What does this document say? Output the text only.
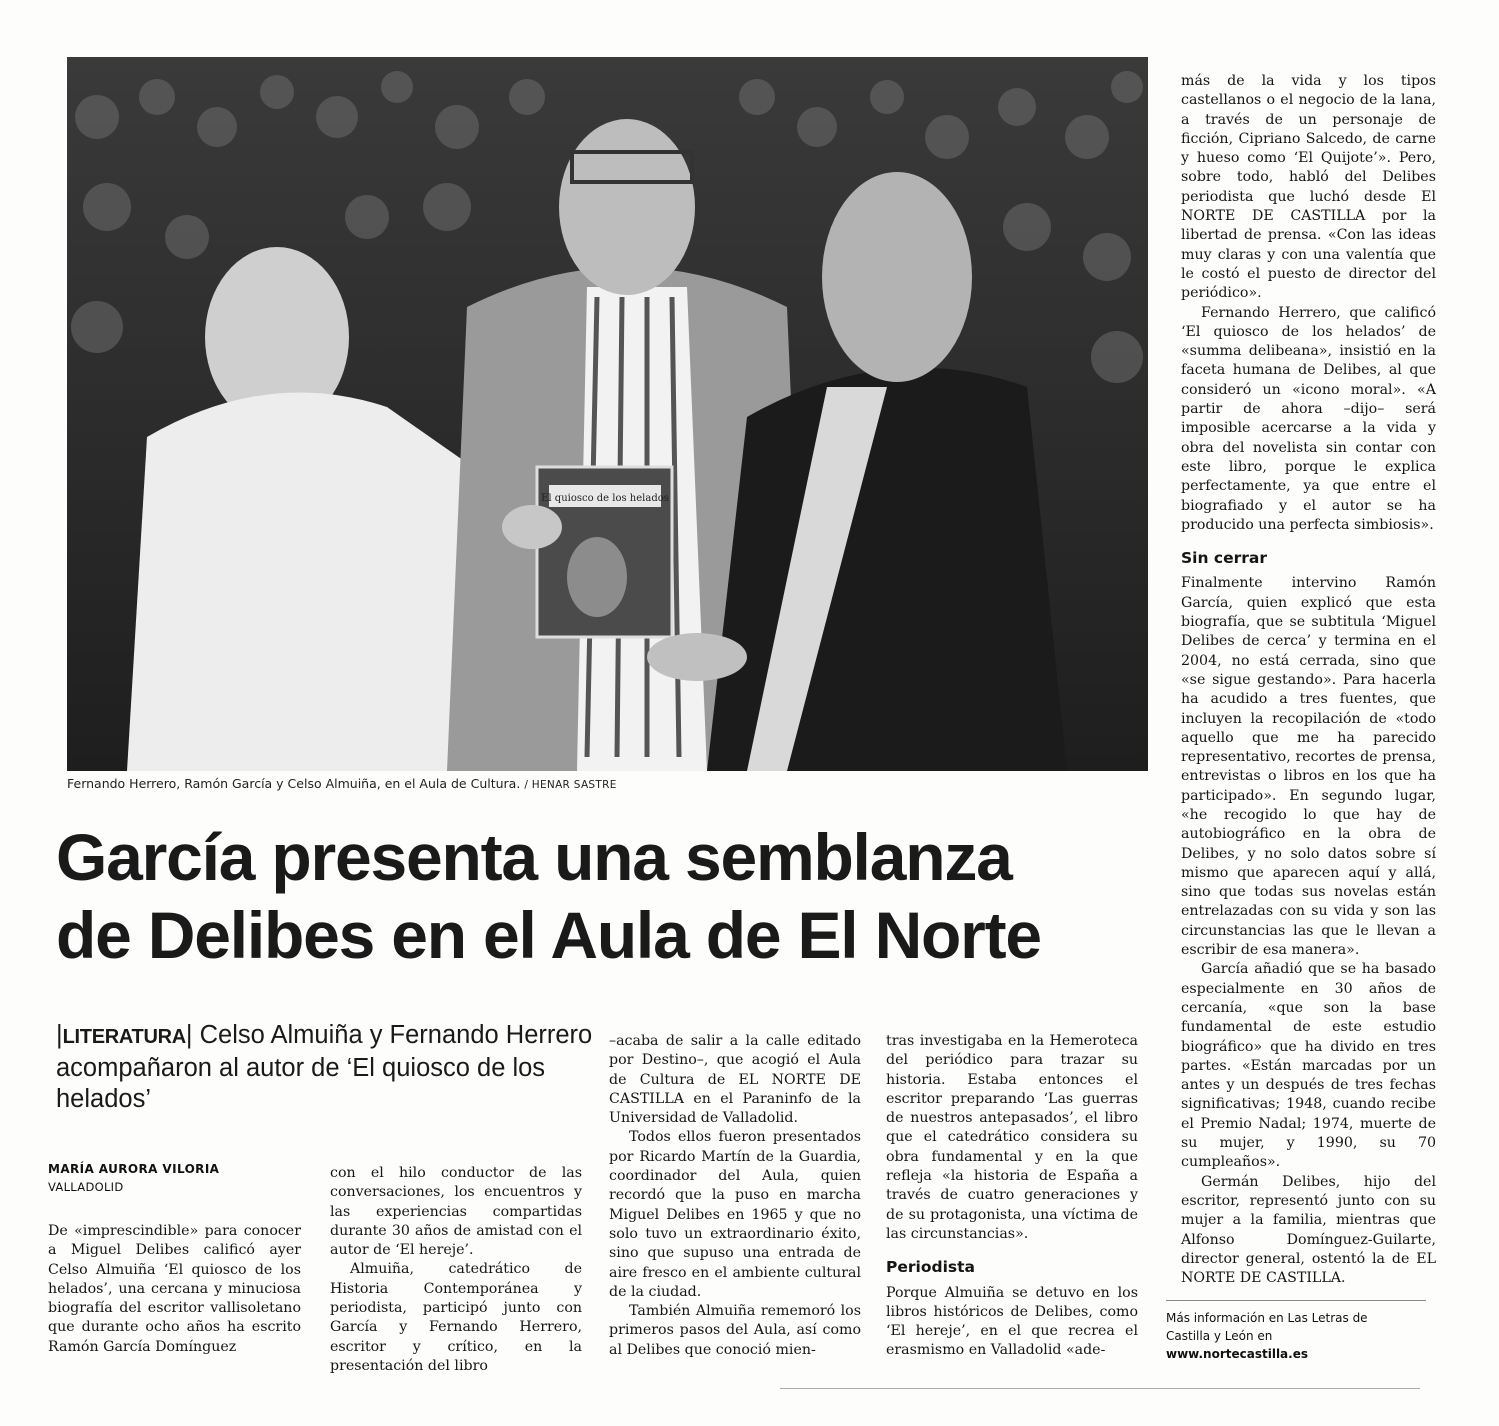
El quiosco de los helados
Fernando Herrero, Ramón García y Celso Almuiña, en el Aula de Cultura. / HENAR SASTRE
García presenta una semblanza
de Delibes en el Aula de El Norte
|LITERATURA| Celso Almuiña y Fernando Herrero acompañaron al autor de ‘El quiosco de los helados’
MARÍA AURORA VILORIA
VALLADOLID

De «imprescindible» para conocer a Miguel Delibes calificó ayer Celso Almuiña ‘El quiosco de los helados’, una cercana y minuciosa biografía del escritor vallisoletano que durante ocho años ha escrito Ramón García Domínguez

con el hilo conductor de las conversaciones, los encuentros y las experiencias compartidas durante 30 años de amistad con el autor de ‘El hereje’.

Almuiña, catedrático de Historia Contemporánea y periodista, participó junto con García y Fernando Herrero, escritor y crítico, en la presentación del libro

–acaba de salir a la calle editado por Destino–, que acogió el Aula de Cultura de EL NORTE DE CASTILLA en el Paraninfo de la Universidad de Valladolid.

Todos ellos fueron presentados por Ricardo Martín de la Guardia, coordinador del Aula, quien recordó que la puso en marcha Miguel Delibes en 1965 y que no solo tuvo un extraordinario éxito, sino que supuso una entrada de aire fresco en el ambiente cultural de la ciudad.

También Almuiña rememoró los primeros pasos del Aula, así como al Delibes que conoció mien-

tras investigaba en la Hemeroteca del periódico para trazar su historia. Estaba entonces el escritor preparando ‘Las guerras de nuestros antepasados’, el libro que el catedrático considera su obra fundamental y en la que refleja «la historia de España a través de cuatro generaciones y de su protagonista, una víctima de las circunstancias».

Periodista

Porque Almuiña se detuvo en los libros históricos de Delibes, como ‘El hereje’, en el que recrea el erasmismo en Valladolid «ade-

más de la vida y los tipos castellanos o el negocio de la lana, a través de un personaje de ficción, Cipriano Salcedo, de carne y hueso como ‘El Quijote’». Pero, sobre todo, habló del Delibes periodista que luchó desde El NORTE DE CASTILLA por la libertad de prensa. «Con las ideas muy claras y con una valentía que le costó el puesto de director del periódico».

Fernando Herrero, que calificó ‘El quiosco de los helados’ de «summa delibeana», insistió en la faceta humana de Delibes, al que consideró un «icono moral». «A partir de ahora –dijo– será imposible acercarse a la vida y obra del novelista sin contar con este libro, porque le explica perfectamente, ya que entre el biografiado y el autor se ha producido una perfecta simbiosis».

Sin cerrar

Finalmente intervino Ramón García, quien explicó que esta biografía, que se subtitula ‘Miguel Delibes de cerca’ y termina en el 2004, no está cerrada, sino que «se sigue gestando». Para hacerla ha acudido a tres fuentes, que incluyen la recopilación de «todo aquello que me ha parecido representativo, recortes de prensa, entrevistas o libros en los que ha participado». En segundo lugar, «he recogido lo que hay de autobiográfico en la obra de Delibes, y no solo datos sobre sí mismo que aparecen aquí y allá, sino que todas sus novelas están entrelazadas con su vida y son las circunstancias las que le llevan a escribir de esa manera».

García añadió que se ha basado especialmente en 30 años de cercanía, «que son la base fundamental de este estudio biográfico» que ha divido en tres partes. «Están marcadas por un antes y un después de tres fechas significativas; 1948, cuando recibe el Premio Nadal; 1974, muerte de su mujer, y 1990, su 70 cumpleaños».

Germán Delibes, hijo del escritor, representó junto con su mujer a la familia, mientras que Alfonso Domínguez-Guilarte, director general, ostentó la de EL NORTE DE CASTILLA.

Más información en Las Letras de Castilla y León en
www.nortecastilla.es
